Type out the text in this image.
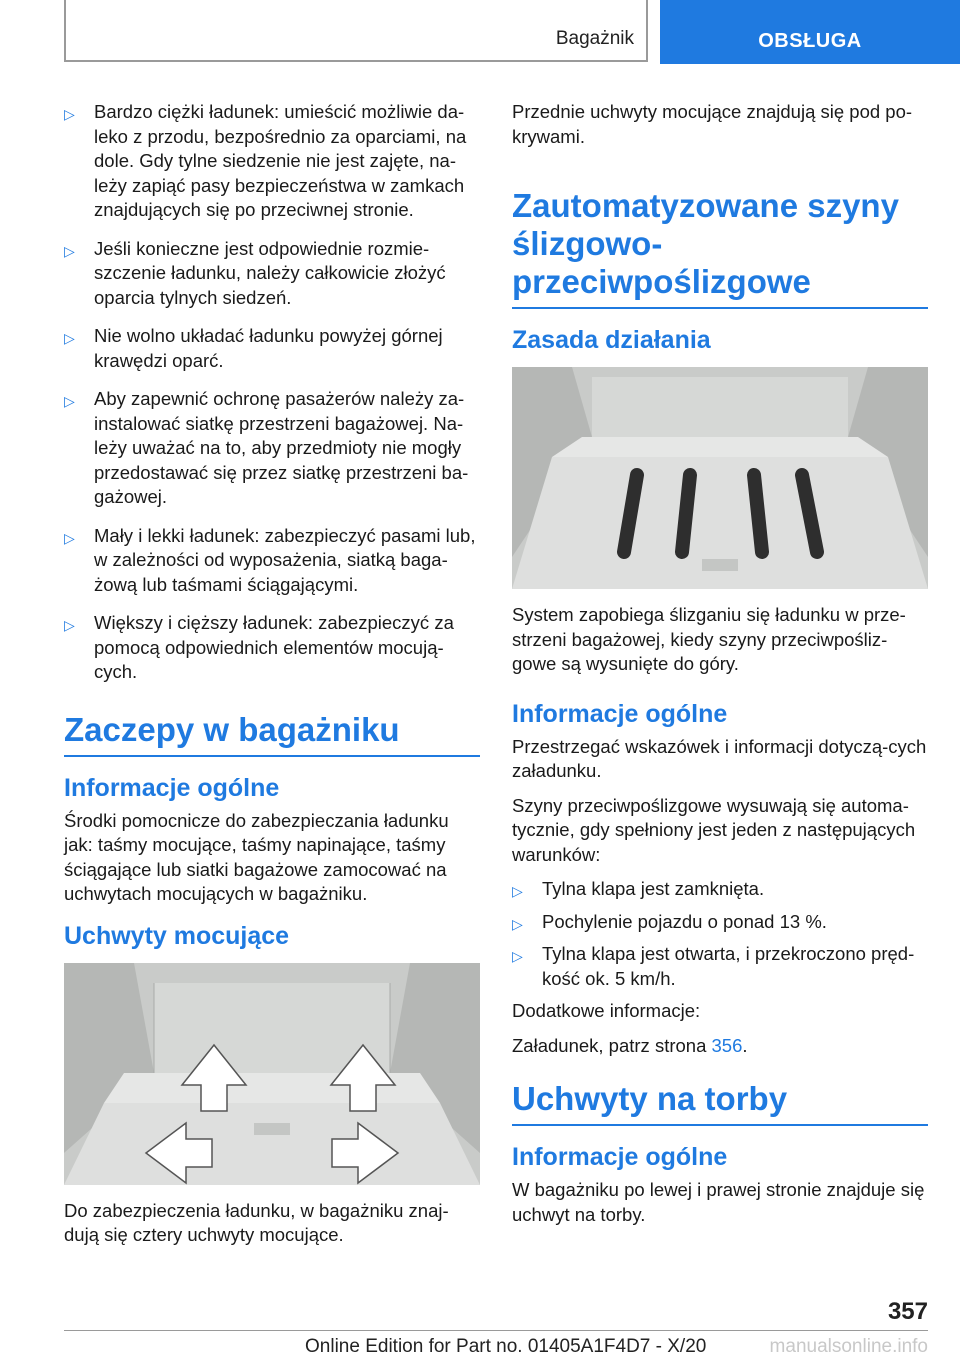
Bagażnik	OBSŁUGA
▷ Bardzo ciężki ładunek: umieścić możliwie da-leko z przodu, bezpośrednio za oparciami, na dole. Gdy tylne siedzenie nie jest zajęte, na-leży zapiąć pasy bezpieczeństwa w zamkach znajdujących się po przeciwnej stronie.
▷ Jeśli konieczne jest odpowiednie rozmie-szczenie ładunku, należy całkowicie złożyć oparcia tylnych siedzeń.
▷ Nie wolno układać ładunku powyżej górnej krawędzi oparć.
▷ Aby zapewnić ochronę pasażerów należy za-instalować siatkę przestrzeni bagażowej. Na-leży uważać na to, aby przedmioty nie mogły przedostawać się przez siatkę przestrzeni ba-gażowej.
▷ Mały i lekki ładunek: zabezpieczyć pasami lub, w zależności od wyposażenia, siatką baga-żową lub taśmami ściągającymi.
▷ Większy i cięższy ładunek: zabezpieczyć za pomocą odpowiednich elementów mocują-cych.
Zaczepy w bagażniku
Informacje ogólne

Środki pomocnicze do zabezpieczania ładunku jak: taśmy mocujące, taśmy napinające, taśmy ściągające lub siatki bagażowe zamocować na uchwytach mocujących w bagażniku.

Uchwyty mocujące

Do zabezpieczenia ładunku, w bagażniku znaj-dują się cztery uchwyty mocujące.

Przednie uchwyty mocujące znajdują się pod po-krywami.

Zautomatyzowane szyny ślizgowo-przeciwpoślizgowe
Zasada działania

System zapobiega ślizganiu się ładunku w prze-strzeni bagażowej, kiedy szyny przeciwpośliz-gowe są wysunięte do góry.

Informacje ogólne

Przestrzegać wskazówek i informacji dotyczą-cych załadunku.

Szyny przeciwpoślizgowe wysuwają się automa-tycznie, gdy spełniony jest jeden z następujących warunków:

▷ Tylna klapa jest zamknięta.
▷ Pochylenie pojazdu o ponad 13 %.
▷ Tylna klapa jest otwarta, i przekroczono pręd-kość ok. 5 km/h.

Dodatkowe informacje:

Załadunek, patrz strona 356.

Uchwyty na torby
Informacje ogólne

W bagażniku po lewej i prawej stronie znajduje się uchwyt na torby.

357
Online Edition for Part no. 01405A1F4D7 - X/20	manualsonline.info
